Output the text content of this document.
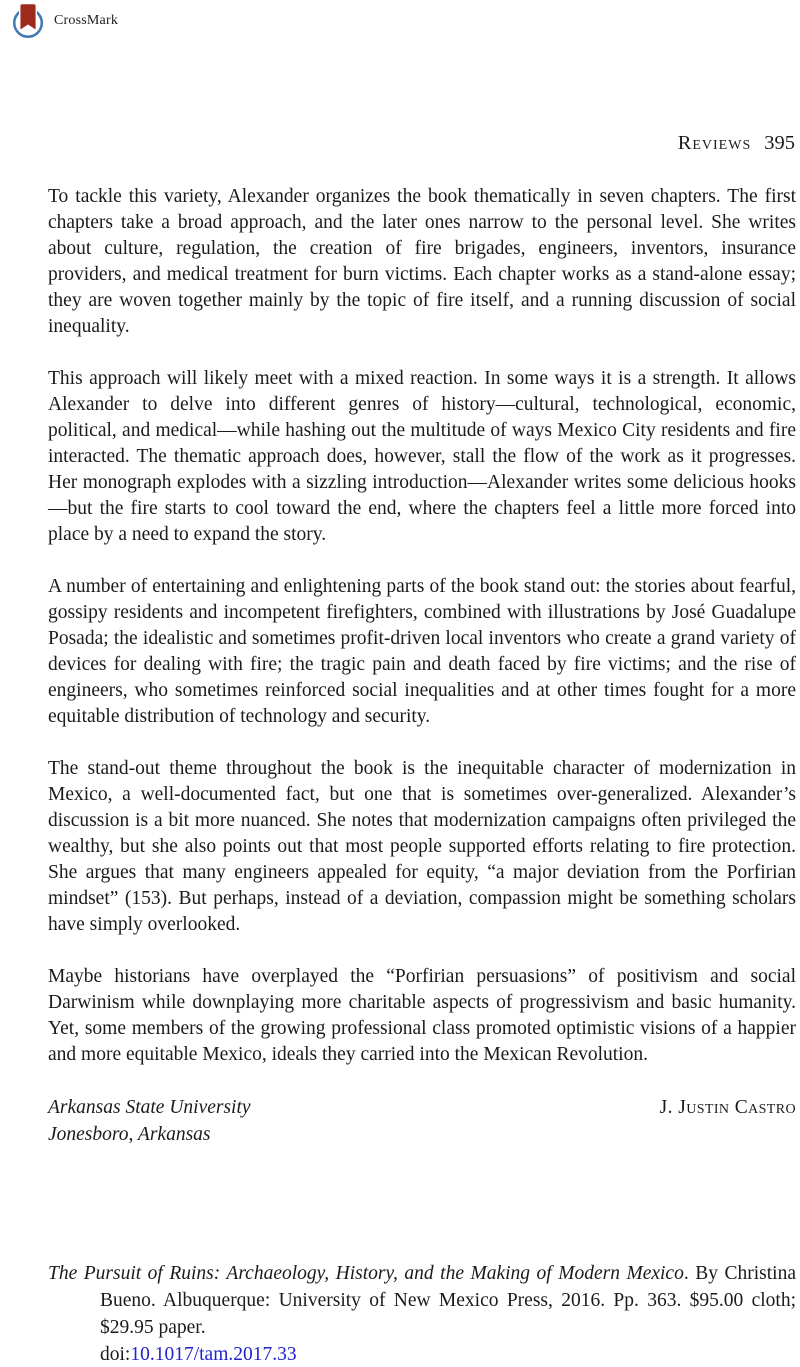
CrossMark
Reviews 395

To tackle this variety, Alexander organizes the book thematically in seven chapters. The first chapters take a broad approach, and the later ones narrow to the personal level. She writes about culture, regulation, the creation of fire brigades, engineers, inventors, insurance providers, and medical treatment for burn victims. Each chapter works as a stand-alone essay; they are woven together mainly by the topic of fire itself, and a running discussion of social inequality.

This approach will likely meet with a mixed reaction. In some ways it is a strength. It allows Alexander to delve into different genres of history—cultural, technological, economic, political, and medical—while hashing out the multitude of ways Mexico City residents and fire interacted. The thematic approach does, however, stall the flow of the work as it progresses. Her monograph explodes with a sizzling introduction—Alexander writes some delicious hooks—but the fire starts to cool toward the end, where the chapters feel a little more forced into place by a need to expand the story.

A number of entertaining and enlightening parts of the book stand out: the stories about fearful, gossipy residents and incompetent firefighters, combined with illustrations by José Guadalupe Posada; the idealistic and sometimes profit-driven local inventors who create a grand variety of devices for dealing with fire; the tragic pain and death faced by fire victims; and the rise of engineers, who sometimes reinforced social inequalities and at other times fought for a more equitable distribution of technology and security.

The stand-out theme throughout the book is the inequitable character of modernization in Mexico, a well-documented fact, but one that is sometimes over-generalized. Alexander’s discussion is a bit more nuanced. She notes that modernization campaigns often privileged the wealthy, but she also points out that most people supported efforts relating to fire protection. She argues that many engineers appealed for equity, “a major deviation from the Porfirian mindset” (153). But perhaps, instead of a deviation, compassion might be something scholars have simply overlooked.

Maybe historians have overplayed the “Porfirian persuasions” of positivism and social Darwinism while downplaying more charitable aspects of progressivism and basic humanity. Yet, some members of the growing professional class promoted optimistic visions of a happier and more equitable Mexico, ideals they carried into the Mexican Revolution.

Arkansas State University
Jonesboro, Arkansas
J. Justin Castro
The Pursuit of Ruins: Archaeology, History, and the Making of Modern Mexico. By Christina Bueno. Albuquerque: University of New Mexico Press, 2016. Pp. 363. $95.00 cloth; $29.95 paper.
doi:10.1017/tam.2017.33
